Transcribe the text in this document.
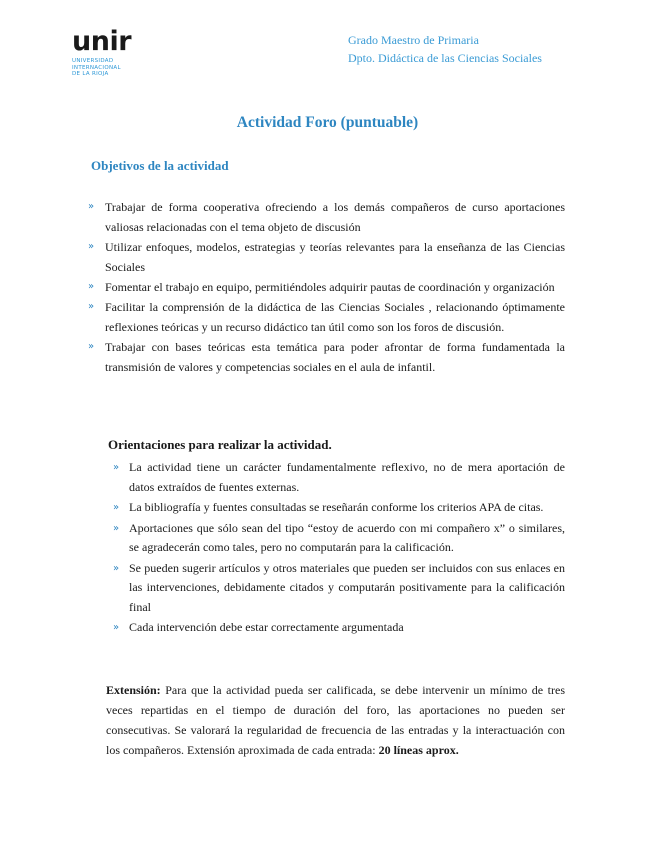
unir
UNIVERSIDAD
INTERNACIONAL
DE LA RIOJA
Grado Maestro de Primaria
Dpto. Didáctica de las Ciencias Sociales
Actividad Foro (puntuable)
Objetivos de la actividad
» Trabajar de forma cooperativa ofreciendo a los demás compañeros de curso aportaciones valiosas relacionadas con el tema objeto de discusión
» Utilizar enfoques, modelos, estrategias y teorías relevantes para la enseñanza de las Ciencias Sociales
» Fomentar el trabajo en equipo, permitiéndoles adquirir pautas de coordinación y organización
» Facilitar la comprensión de la didáctica de las Ciencias Sociales , relacionando óptimamente reflexiones teóricas y un recurso didáctico tan útil como son los foros de discusión.
» Trabajar con bases teóricas esta temática para poder afrontar de forma fundamentada la transmisión de valores y competencias sociales en el aula de infantil.
Orientaciones para realizar la actividad.
» La actividad tiene un carácter fundamentalmente reflexivo, no de mera aportación de datos extraídos de fuentes externas.
» La bibliografía y fuentes consultadas se reseñarán conforme los criterios APA de citas.
» Aportaciones que sólo sean del tipo “estoy de acuerdo con mi compañero x” o similares, se agradecerán como tales, pero no computarán para la calificación.
» Se pueden sugerir artículos y otros materiales que pueden ser incluidos con sus enlaces en las intervenciones, debidamente citados y computarán positivamente para la calificación final
» Cada intervención debe estar correctamente argumentada
Extensión: Para que la actividad pueda ser calificada, se debe intervenir un mínimo de tres veces repartidas en el tiempo de duración del foro, las aportaciones no pueden ser consecutivas. Se valorará la regularidad de frecuencia de las entradas y la interactuación con los compañeros. Extensión aproximada de cada entrada: 20 líneas aprox.
